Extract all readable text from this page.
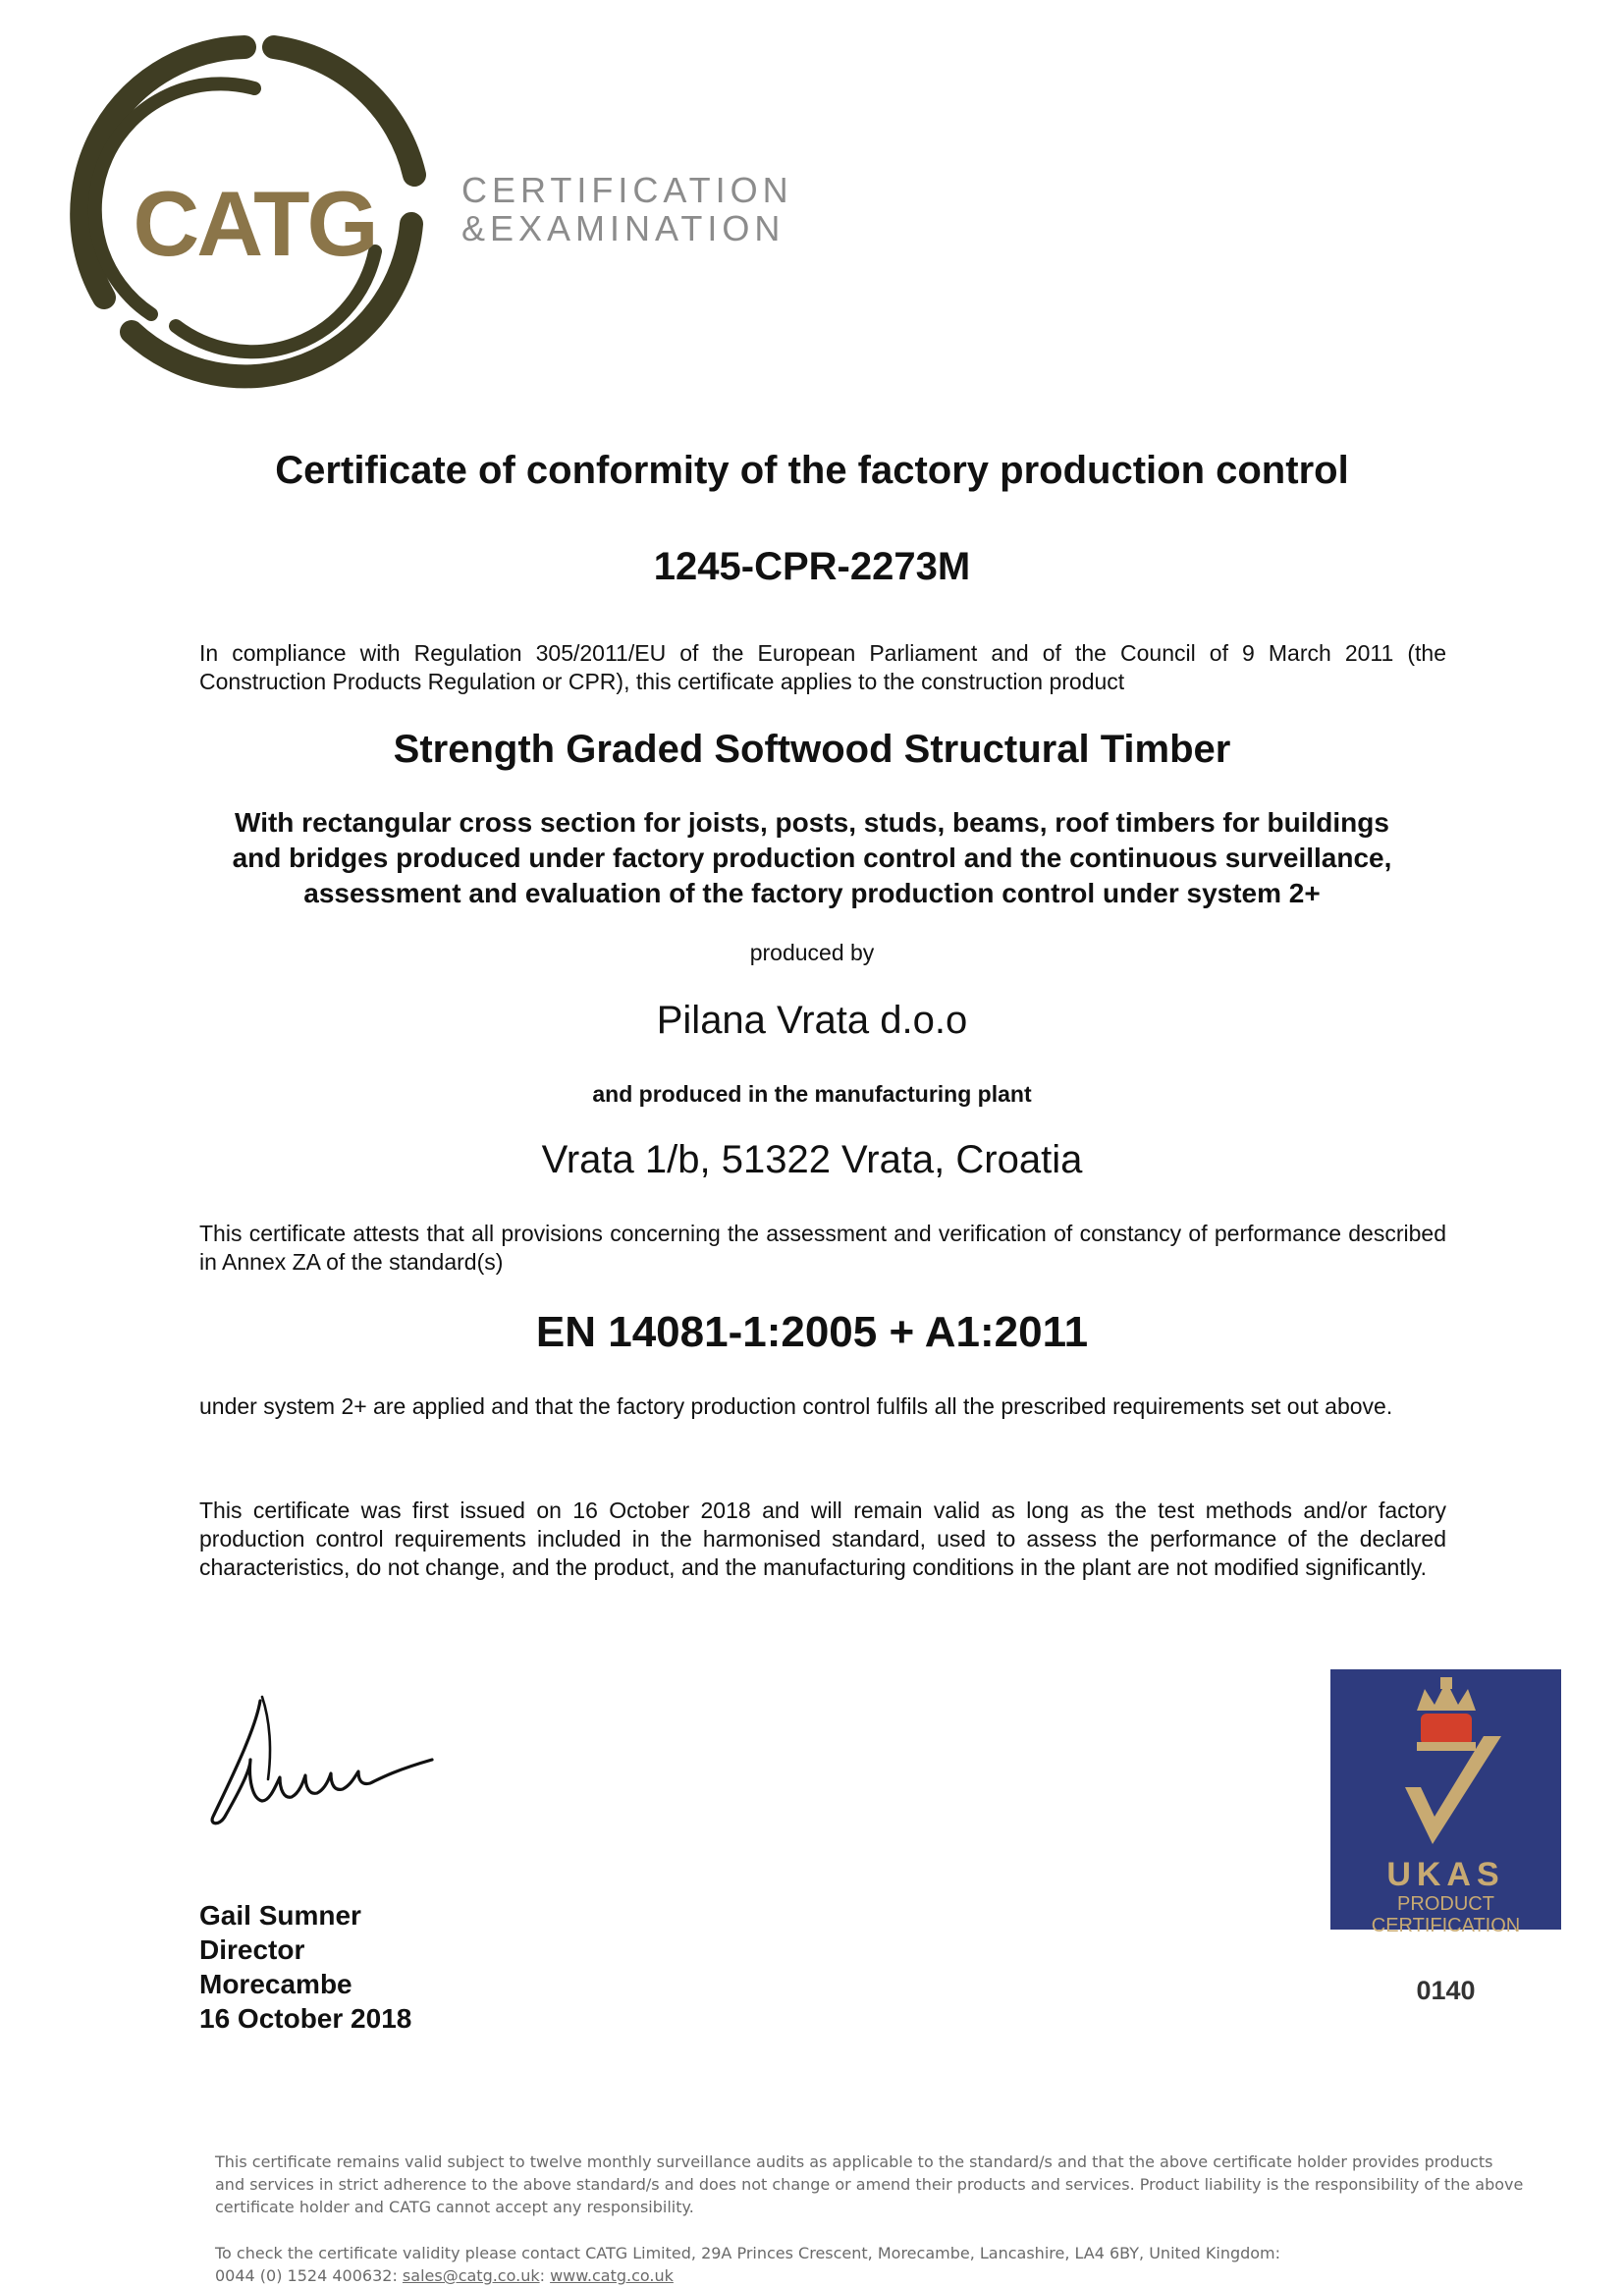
CATG CERTIFICATION
&EXAMINATION
Certificate of conformity of the factory production control
1245-CPR-2273M
In compliance with Regulation 305/2011/EU of the European Parliament and of the Council of 9 March 2011 (the Construction Products Regulation or CPR), this certificate applies to the construction product
Strength Graded Softwood Structural Timber
With rectangular cross section for joists, posts, studs, beams, roof timbers for buildings
and bridges produced under factory production control and the continuous surveillance,
assessment and evaluation of the factory production control under system 2+
produced by
Pilana Vrata d.o.o
and produced in the manufacturing plant
Vrata 1/b, 51322 Vrata, Croatia
This certificate attests that all provisions concerning the assessment and verification of constancy of performance described in Annex ZA of the standard(s)
EN 14081-1:2005 + A1:2011
under system 2+ are applied and that the factory production control fulfils all the prescribed requirements set out above.
This certificate was first issued on 16 October 2018 and will remain valid as long as the test methods and/or factory production control requirements included in the harmonised standard, used to assess the performance of the declared characteristics, do not change, and the product, and the manufacturing conditions in the plant are not modified significantly.
Gail Sumner
Director
Morecambe
16 October 2018
UKAS
PRODUCT
CERTIFICATION
0140
This certificate remains valid subject to twelve monthly surveillance audits as applicable to the standard/s and that the above certificate holder provides products and services in strict adherence to the above standard/s and does not change or amend their products and services. Product liability is the responsibility of the above certificate holder and CATG cannot accept any responsibility.
To check the certificate validity please contact CATG Limited, 29A Princes Crescent, Morecambe, Lancashire, LA4 6BY, United Kingdom:
0044 (0) 1524 400632: sales@catg.co.uk: www.catg.co.uk
